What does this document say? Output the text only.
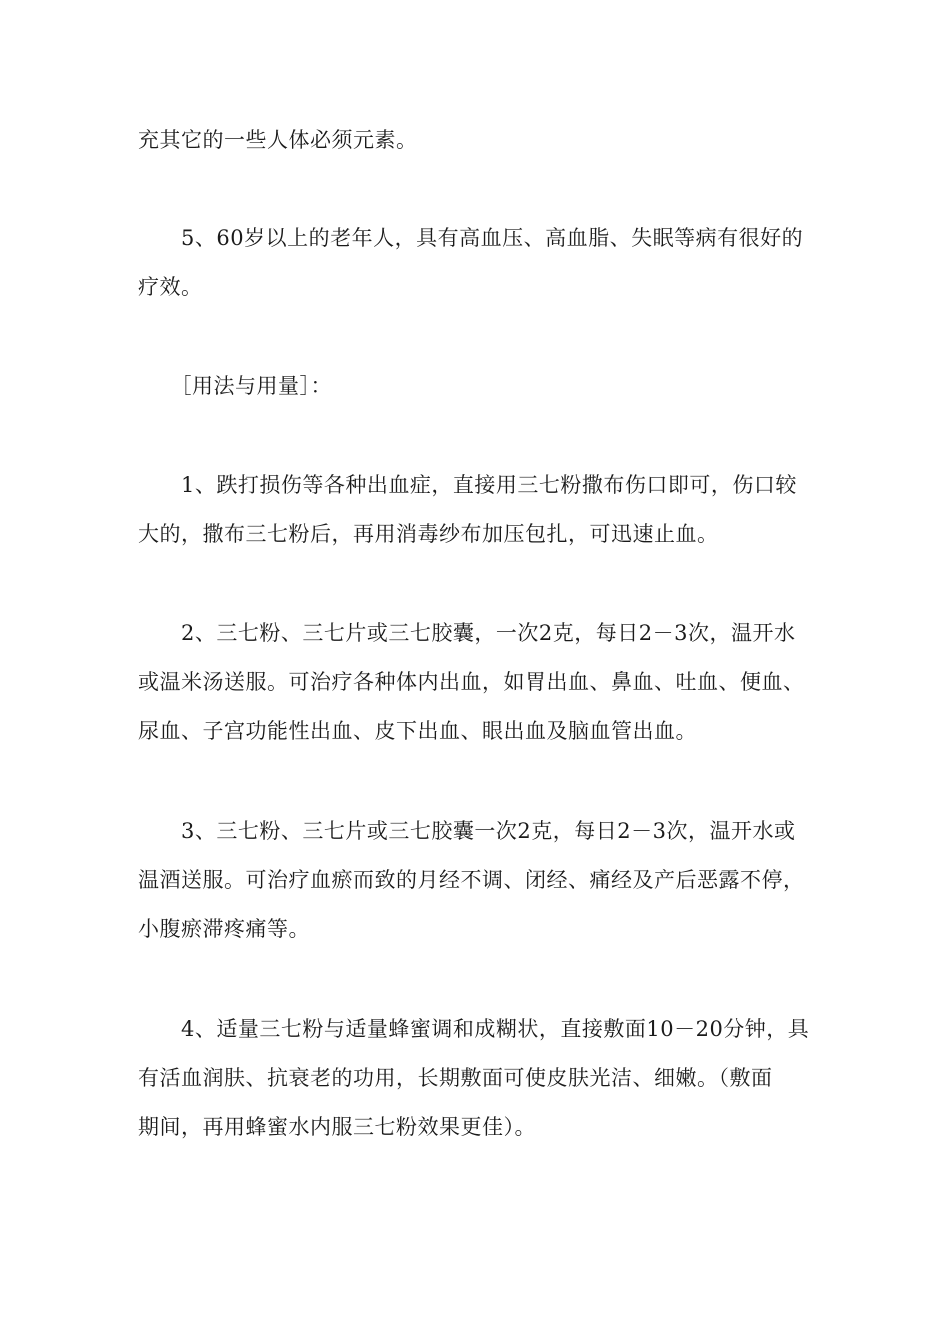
充其它的一些人体必须元素。

　　5、60岁以上的老年人，具有高血压、高血脂、失眠等病有很好的
疗效。

　　［用法与用量］：

　　1、跌打损伤等各种出血症，直接用三七粉撒布伤口即可，伤口较
大的，撒布三七粉后，再用消毒纱布加压包扎，可迅速止血。

　　2、三七粉、三七片或三七胶囊，一次2克，每日2－3次，温开水
或温米汤送服。可治疗各种体内出血，如胃出血、鼻血、吐血、便血、
尿血、子宫功能性出血、皮下出血、眼出血及脑血管出血。

　　3、三七粉、三七片或三七胶囊一次2克，每日2－3次，温开水或
温酒送服。可治疗血瘀而致的月经不调、闭经、痛经及产后恶露不停，
小腹瘀滞疼痛等。

　　4、适量三七粉与适量蜂蜜调和成糊状，直接敷面10－20分钟，具
有活血润肤、抗衰老的功用，长期敷面可使皮肤光洁、细嫩。（敷面
期间，再用蜂蜜水内服三七粉效果更佳）。
